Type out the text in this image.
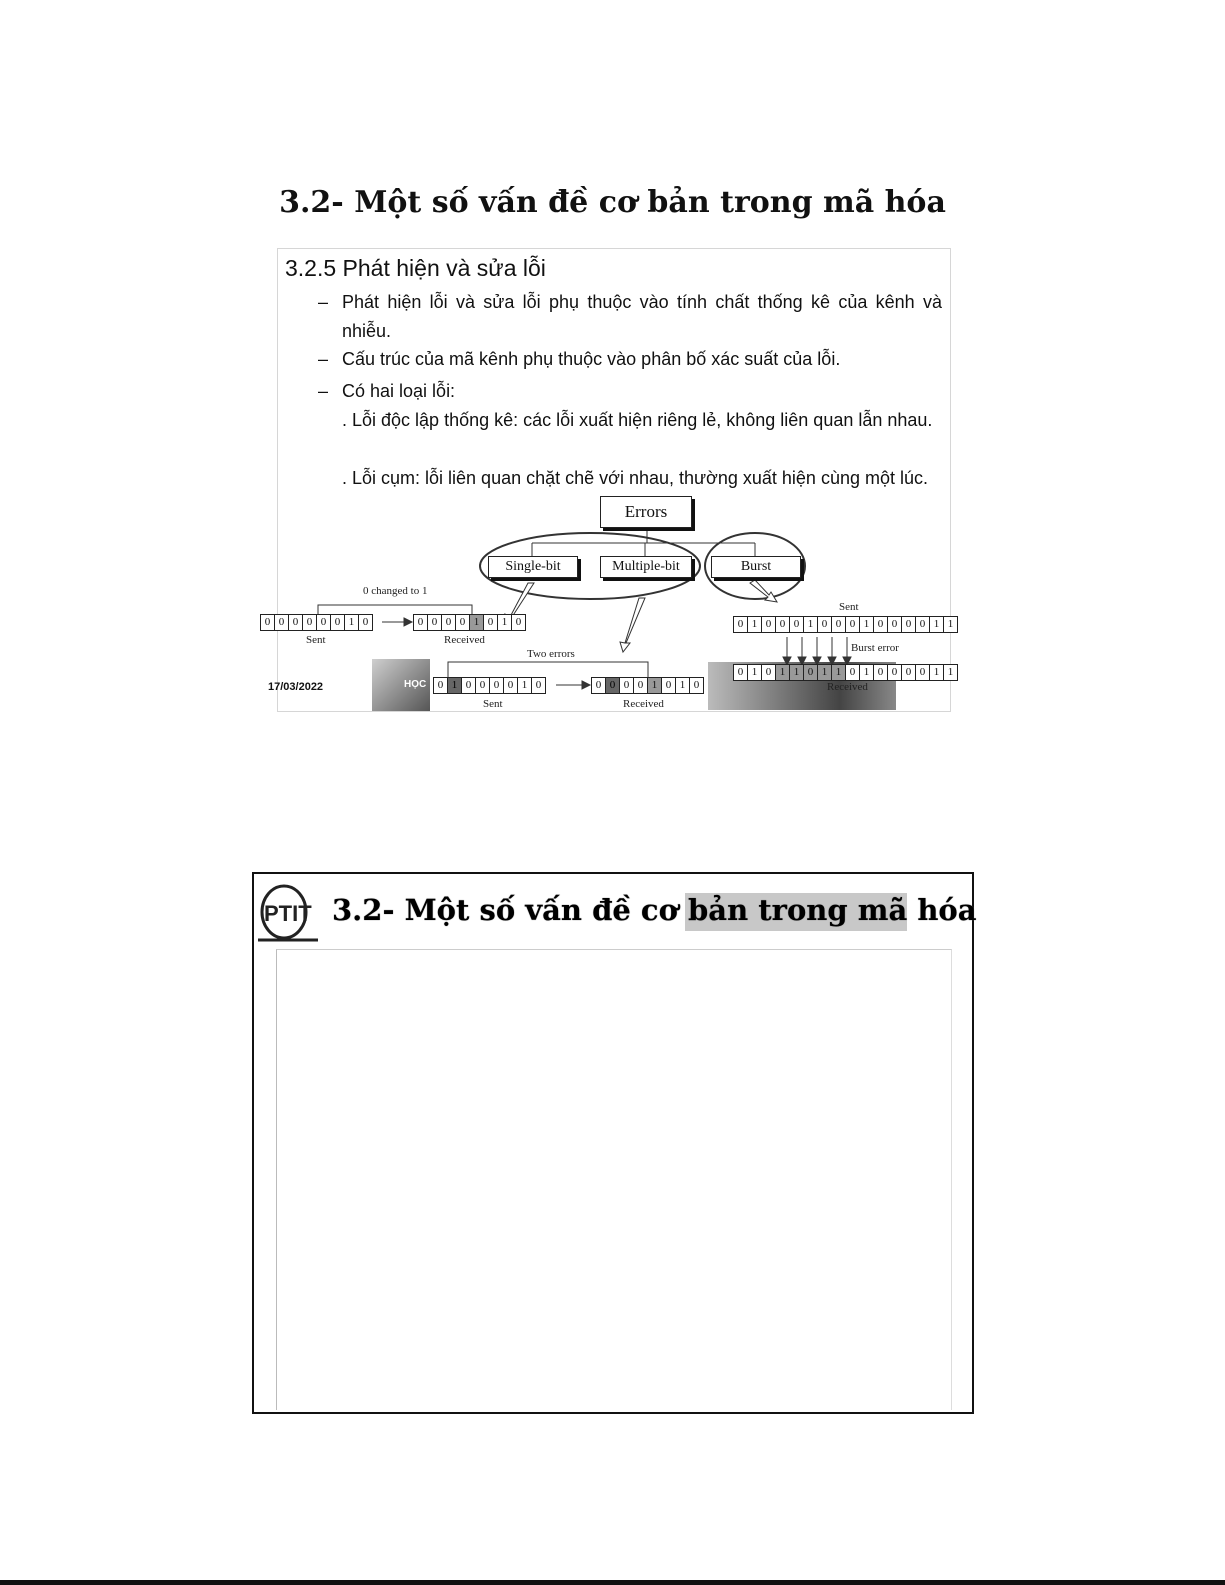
3.2- Một số vấn đề cơ bản trong mã hóa
3.2.5 Phát hiện và sửa lỗi
– Phát hiện lỗi và sửa lỗi phụ thuộc vào tính chất thống kê của kênh và nhiễu.
– Cấu trúc của mã kênh phụ thuộc vào phân bố xác suất của lỗi.
– Có hai loại lỗi:
. Lỗi độc lập thống kê: các lỗi xuất hiện riêng lẻ, không liên quan lẫn nhau.
. Lỗi cụm: lỗi liên quan chặt chẽ với nhau, thường xuất hiện cùng một lúc.
17/03/2022	HỌC
Errors
Single-bit	Multiple-bit	Burst
0 changed to 1
0 0 0 0 0 0 1 0
Sent
0 0 0 0 1 0 1 0
Received
Two errors
0 1 0 0 0 0 1 0
Sent
0 0 0 0 1 0 1 0
Received
Sent
0 1 0 0 0 1 0 0 0 1 0 0 0 0 1 1
Burst error
0 1 0 1 1 0 1 1 0 1 0 0 0 0 1 1
Received
PTIT 3.2- Một số vấn đề cơ bản trong mã hóa
